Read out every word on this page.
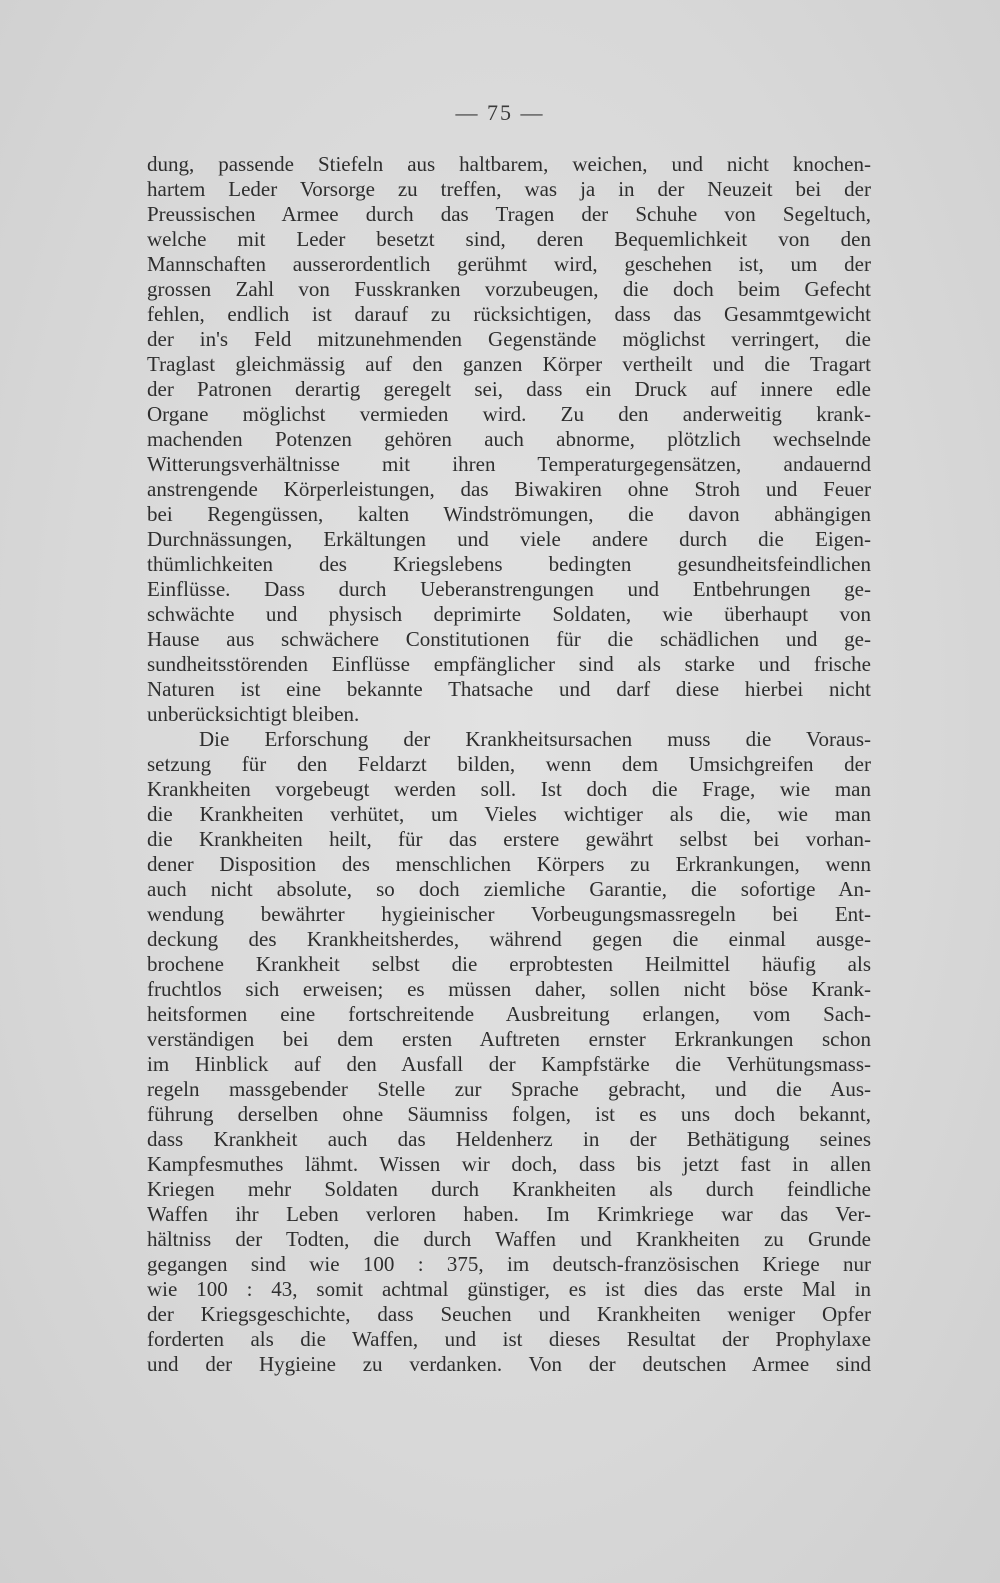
— 75 —
dung, passende Stiefeln aus haltbarem, weichen, und nicht knochen-
hartem Leder Vorsorge zu treffen, was ja in der Neuzeit bei der
Preussischen Armee durch das Tragen der Schuhe von Segeltuch,
welche mit Leder besetzt sind, deren Bequemlichkeit von den
Mannschaften ausserordentlich gerühmt wird, geschehen ist, um der
grossen Zahl von Fusskranken vorzubeugen, die doch beim Gefecht
fehlen, endlich ist darauf zu rücksichtigen, dass das Gesammtgewicht
der in's Feld mitzunehmenden Gegenstände möglichst verringert, die
Traglast gleichmässig auf den ganzen Körper vertheilt und die Tragart
der Patronen derartig geregelt sei, dass ein Druck auf innere edle
Organe möglichst vermieden wird. Zu den anderweitig krank-
machenden Potenzen gehören auch abnorme, plötzlich wechselnde
Witterungsverhältnisse mit ihren Temperaturgegensätzen, andauernd
anstrengende Körperleistungen, das Biwakiren ohne Stroh und Feuer
bei Regengüssen, kalten Windströmungen, die davon abhängigen
Durchnässungen, Erkältungen und viele andere durch die Eigen-
thümlichkeiten des Kriegslebens bedingten gesundheitsfeindlichen
Einflüsse. Dass durch Ueberanstrengungen und Entbehrungen ge-
schwächte und physisch deprimirte Soldaten, wie überhaupt von
Hause aus schwächere Constitutionen für die schädlichen und ge-
sundheitsstörenden Einflüsse empfänglicher sind als starke und frische
Naturen ist eine bekannte Thatsache und darf diese hierbei nicht
unberücksichtigt bleiben.
Die Erforschung der Krankheitsursachen muss die Voraus-
setzung für den Feldarzt bilden, wenn dem Umsichgreifen der
Krankheiten vorgebeugt werden soll. Ist doch die Frage, wie man
die Krankheiten verhütet, um Vieles wichtiger als die, wie man
die Krankheiten heilt, für das erstere gewährt selbst bei vorhan-
dener Disposition des menschlichen Körpers zu Erkrankungen, wenn
auch nicht absolute, so doch ziemliche Garantie, die sofortige An-
wendung bewährter hygieinischer Vorbeugungsmassregeln bei Ent-
deckung des Krankheitsherdes, während gegen die einmal ausge-
brochene Krankheit selbst die erprobtesten Heilmittel häufig als
fruchtlos sich erweisen; es müssen daher, sollen nicht böse Krank-
heitsformen eine fortschreitende Ausbreitung erlangen, vom Sach-
verständigen bei dem ersten Auftreten ernster Erkrankungen schon
im Hinblick auf den Ausfall der Kampfstärke die Verhütungsmass-
regeln massgebender Stelle zur Sprache gebracht, und die Aus-
führung derselben ohne Säumniss folgen, ist es uns doch bekannt,
dass Krankheit auch das Heldenherz in der Bethätigung seines
Kampfesmuthes lähmt. Wissen wir doch, dass bis jetzt fast in allen
Kriegen mehr Soldaten durch Krankheiten als durch feindliche
Waffen ihr Leben verloren haben. Im Krimkriege war das Ver-
hältniss der Todten, die durch Waffen und Krankheiten zu Grunde
gegangen sind wie 100 : 375, im deutsch-französischen Kriege nur
wie 100 : 43, somit achtmal günstiger, es ist dies das erste Mal in
der Kriegsgeschichte, dass Seuchen und Krankheiten weniger Opfer
forderten als die Waffen, und ist dieses Resultat der Prophylaxe
und der Hygieine zu verdanken. Von der deutschen Armee sind
